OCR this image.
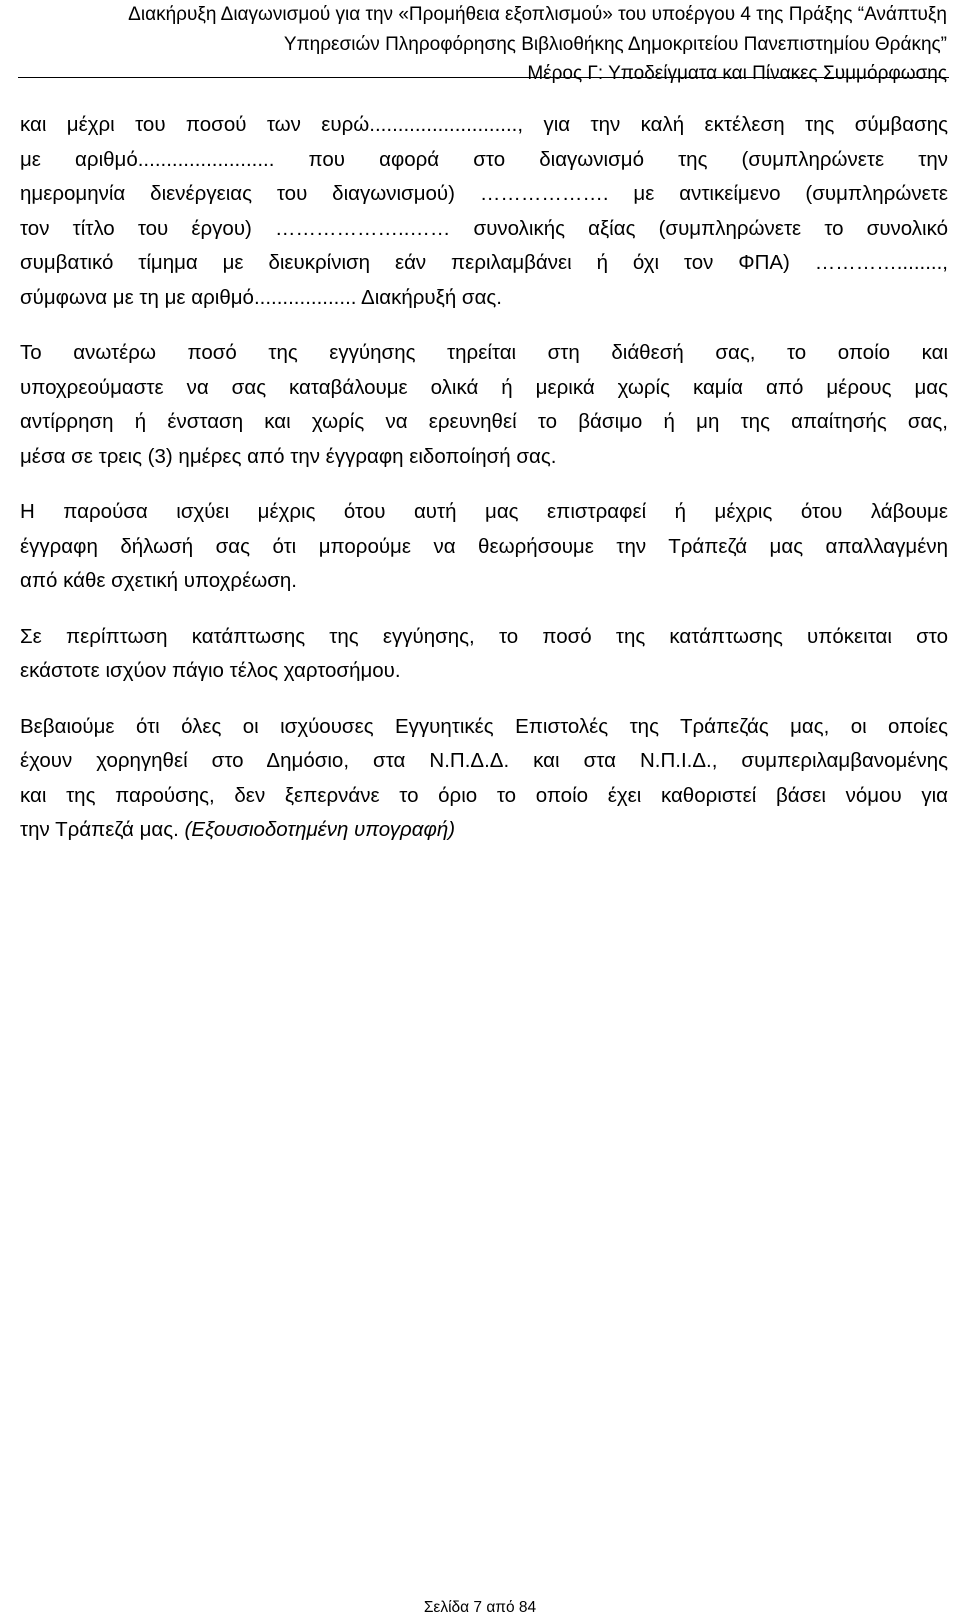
Διακήρυξη Διαγωνισμού για την «Προμήθεια εξοπλισμού» του υποέργου 4 της Πράξης “Ανάπτυξη
Υπηρεσιών Πληροφόρησης Βιβλιοθήκης Δημοκριτείου Πανεπιστημίου Θράκης”
Μέρος Γ: Υποδείγματα και Πίνακες Συμμόρφωσης
και μέχρι του ποσού των ευρώ.........................., για την καλή εκτέλεση της σύμβασης
με αριθμό........................ που αφορά στο διαγωνισμό της (συμπληρώνετε την
ημερομηνία διενέργειας του διαγωνισμού) ………………. με αντικείμενο (συμπληρώνετε
τον τίτλο του έργου) ………………..…… συνολικής αξίας (συμπληρώνετε το συνολικό
συμβατικό τίμημα με διευκρίνιση εάν περιλαμβάνει ή όχι τον ΦΠΑ) …………........,
σύμφωνα με τη με αριθμό.................. Διακήρυξή σας.
Το ανωτέρω ποσό της εγγύησης τηρείται στη διάθεσή σας, το οποίο και
υποχρεούμαστε να σας καταβάλουμε ολικά ή μερικά χωρίς καμία από μέρους μας
αντίρρηση ή ένσταση και χωρίς να ερευνηθεί το βάσιμο ή μη της απαίτησής σας,
μέσα σε τρεις (3) ημέρες από την έγγραφη ειδοποίησή σας.
Η παρούσα ισχύει μέχρις ότου αυτή μας επιστραφεί ή μέχρις ότου λάβουμε
έγγραφη δήλωσή σας ότι μπορούμε να θεωρήσουμε την Τράπεζά μας απαλλαγμένη
από κάθε σχετική υποχρέωση.
Σε περίπτωση κατάπτωσης της εγγύησης, το ποσό της κατάπτωσης υπόκειται στο
εκάστοτε ισχύον πάγιο τέλος χαρτοσήμου.
Βεβαιούμε ότι όλες οι ισχύουσες Εγγυητικές Επιστολές της Τράπεζάς μας, οι οποίες
έχουν χορηγηθεί στο Δημόσιο, στα Ν.Π.Δ.Δ. και στα Ν.Π.Ι.Δ., συμπεριλαμβανομένης
και της παρούσης, δεν ξεπερνάνε το όριο το οποίο έχει καθοριστεί βάσει νόμου για
την Τράπεζά μας. (Εξουσιοδοτημένη υπογραφή)
Σελίδα 7 από 84
